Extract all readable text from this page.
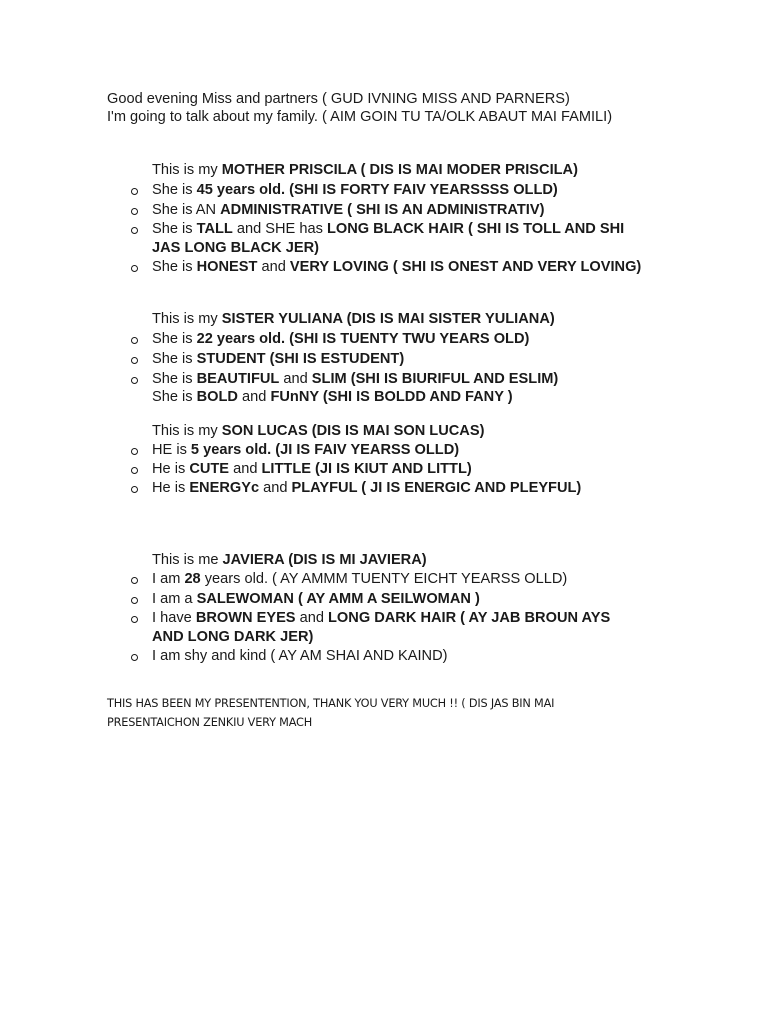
Good evening Miss and partners ( GUD IVNING MISS AND PARNERS)
I'm going to talk about my family. ( AIM GOIN TU TA/OLK ABAUT MAI FAMILI)
This is my MOTHER PRISCILA ( DIS IS MAI MODER PRISCILA)
She is 45 years old. (SHI IS FORTY FAIV YEARSSSS OLLD)
She is AN ADMINISTRATIVE ( SHI IS AN ADMINISTRATIV)
She is TALL and SHE has LONG BLACK HAIR ( SHI IS TOLL AND SHI JAS LONG BLACK JER)
She is HONEST and VERY LOVING ( SHI IS ONEST AND VERY LOVING)
This is my SISTER YULIANA (DIS IS MAI SISTER YULIANA)
She is 22 years old. (SHI IS TUENTY TWU YEARS OLD)
She is STUDENT (SHI IS ESTUDENT)
She is BEAUTIFUL and SLIM (SHI IS BIURIFUL AND ESLIM)
She is BOLD and FUnNY (SHI IS BOLDD AND FANY )
This is my SON LUCAS (DIS IS MAI SON LUCAS)
HE is 5 years old. (JI IS FAIV YEARSS OLLD)
He is CUTE and LITTLE (JI IS KIUT AND LITTL)
He is ENERGYc and PLAYFUL ( JI IS ENERGIC AND PLEYFUL)
This is me JAVIERA (DIS IS MI JAVIERA)
I am 28 years old. ( AY AMMM TUENTY EICHT YEARSS OLLD)
I am a SALEWOMAN ( AY AMM A SEILWOMAN )
I have BROWN EYES and LONG DARK HAIR ( AY JAB BROUN AYS AND LONG DARK JER)
I am shy and kind ( AY AM SHAI AND KAIND)
THIS HAS BEEN MY PRESENTENTION, THANK YOU VERY MUCH !! ( DIS JAS BIN MAI PRESENTAICHON ZENKIU VERY MACH
